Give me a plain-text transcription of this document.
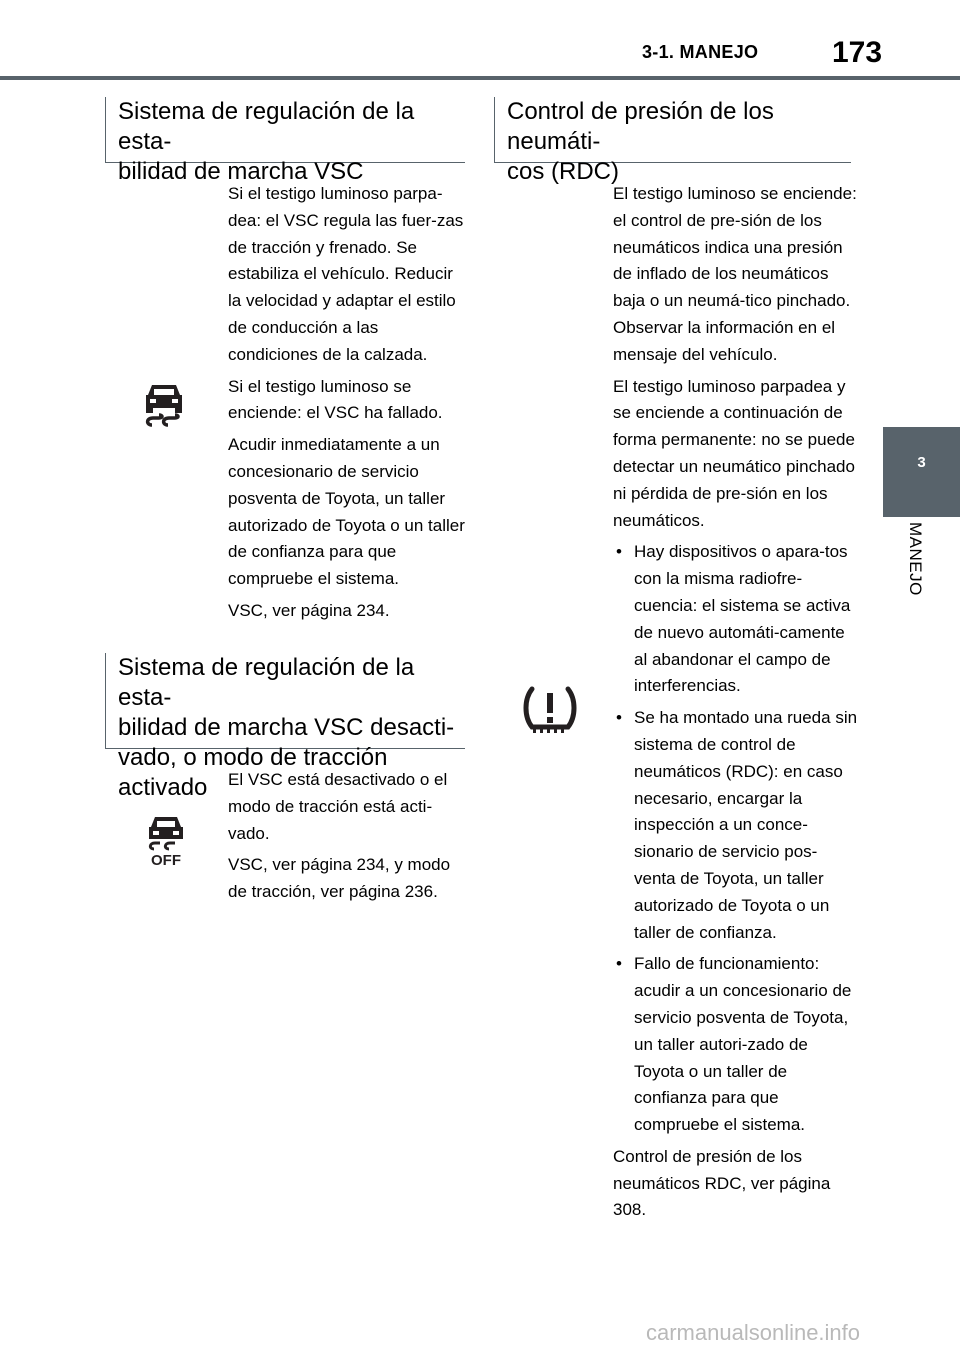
3-1. MANEJO 173
3
MANEJO
Sistema de regulación de la esta-
bilidad de marcha VSC

Si el testigo luminoso parpa-dea: el VSC regula las fuer-zas de tracción y frenado. Se estabiliza el vehículo. Reducir la velocidad y adaptar el estilo de conducción a las condiciones de la calzada.

Si el testigo luminoso se enciende: el VSC ha fallado.

Acudir inmediatamente a un concesionario de servicio posventa de Toyota, un taller autorizado de Toyota o un taller de confianza para que compruebe el sistema.

VSC, ver página 234.

Sistema de regulación de la esta-
bilidad de marcha VSC desacti-
vado, o modo de tracción activado
OFF

El VSC está desactivado o el modo de tracción está acti-vado.

VSC, ver página 234, y modo de tracción, ver página 236.

Control de presión de los neumáti-
cos (RDC)

El testigo luminoso se enciende: el control de pre-sión de los neumáticos indica una presión de inflado de los neumáticos baja o un neumá-tico pinchado. Observar la información en el mensaje del vehículo.

El testigo luminoso parpadea y se enciende a continuación de forma permanente: no se puede detectar un neumático pinchado ni pérdida de pre-sión en los neumáticos.

• Hay dispositivos o apara-tos con la misma radiofre-cuencia: el sistema se activa de nuevo automáti-camente al abandonar el campo de interferencias.
• Se ha montado una rueda sin sistema de control de neumáticos (RDC): en caso necesario, encargar la inspección a un conce-sionario de servicio pos-venta de Toyota, un taller autorizado de Toyota o un taller de confianza.
• Fallo de funcionamiento: acudir a un concesionario de servicio posventa de Toyota, un taller autori-zado de Toyota o un taller de confianza para que compruebe el sistema.

Control de presión de los neumáticos RDC, ver página 308.

carmanualsonline.info
